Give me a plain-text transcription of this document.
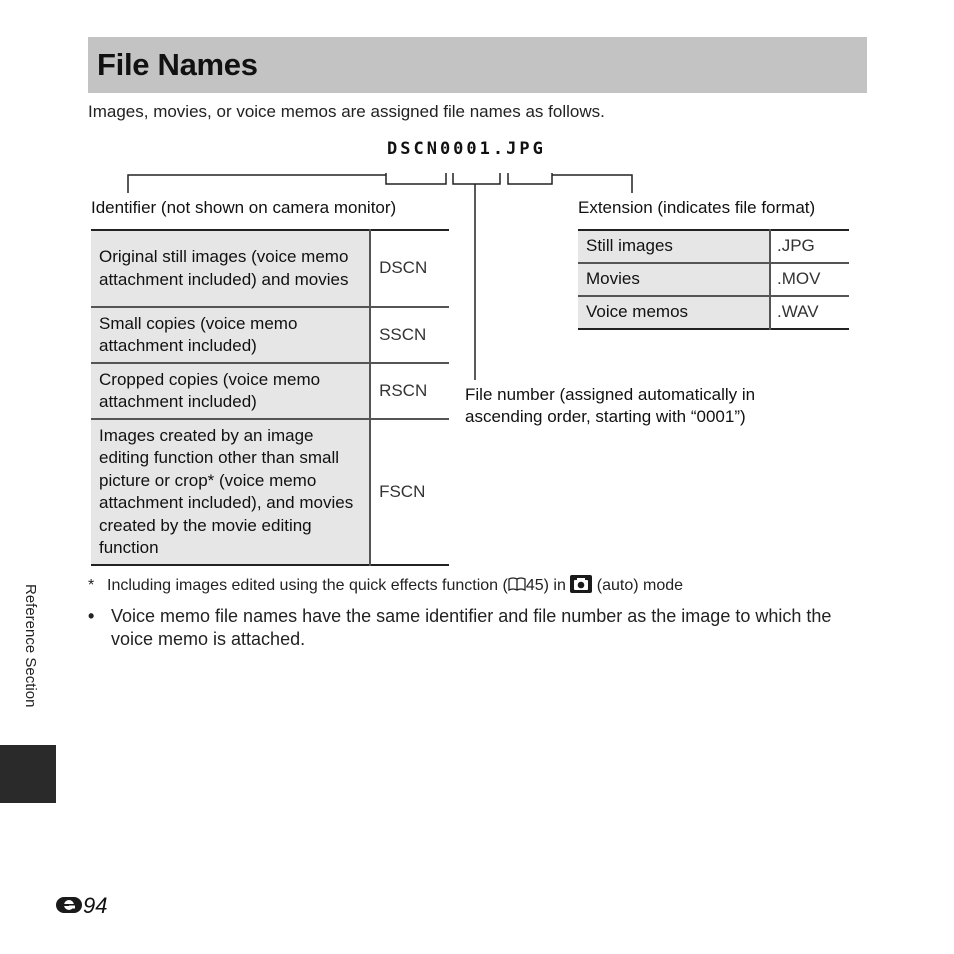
File Names
Images, movies, or voice memos are assigned file names as follows.
DSCN0001.JPG
Identifier (not shown on camera monitor)	Extension (indicates file format)
File number (assigned automatically in
ascending order, starting with “0001”)
Original still images (voice memo attachment included) and movies	DSCN
Small copies (voice memo attachment included)	SSCN
Cropped copies (voice memo attachment included)	RSCN
Images created by an image editing function other than small picture or crop* (voice memo attachment included), and movies created by the movie editing function	FSCN
Still images	.JPG
Movies	.MOV
Voice memos	.WAV
* Including images edited using the quick effects function ( 45) in  (auto) mode
• Voice memo file names have the same identifier and file number as the image to which the voice memo is attached.
Reference Section
94
